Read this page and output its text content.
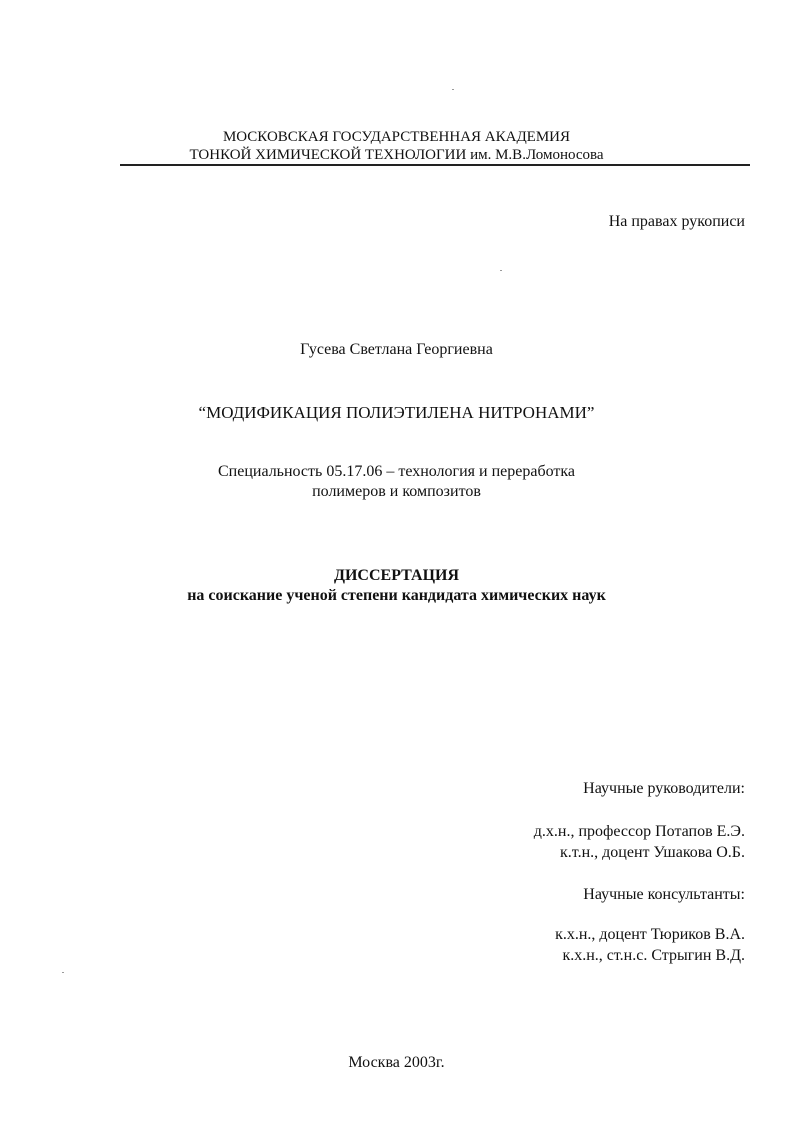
МОСКОВСКАЯ ГОСУДАРСТВЕННАЯ АКАДЕМИЯ
ТОНКОЙ ХИМИЧЕСКОЙ ТЕХНОЛОГИИ им. М.В.Ломоносова
На правах рукописи
Гусева Светлана Георгиевна
“МОДИФИКАЦИЯ ПОЛИЭТИЛЕНА НИТРОНАМИ”
Специальность 05.17.06 – технология и переработка
полимеров и композитов
ДИССЕРТАЦИЯ
на соискание ученой степени кандидата химических наук
Научные руководители:
д.х.н., профессор Потапов Е.Э.
к.т.н., доцент Ушакова О.Б.
Научные консультанты:
к.х.н., доцент Тюриков В.А.
к.х.н., ст.н.с. Стрыгин В.Д.
Москва 2003г.
